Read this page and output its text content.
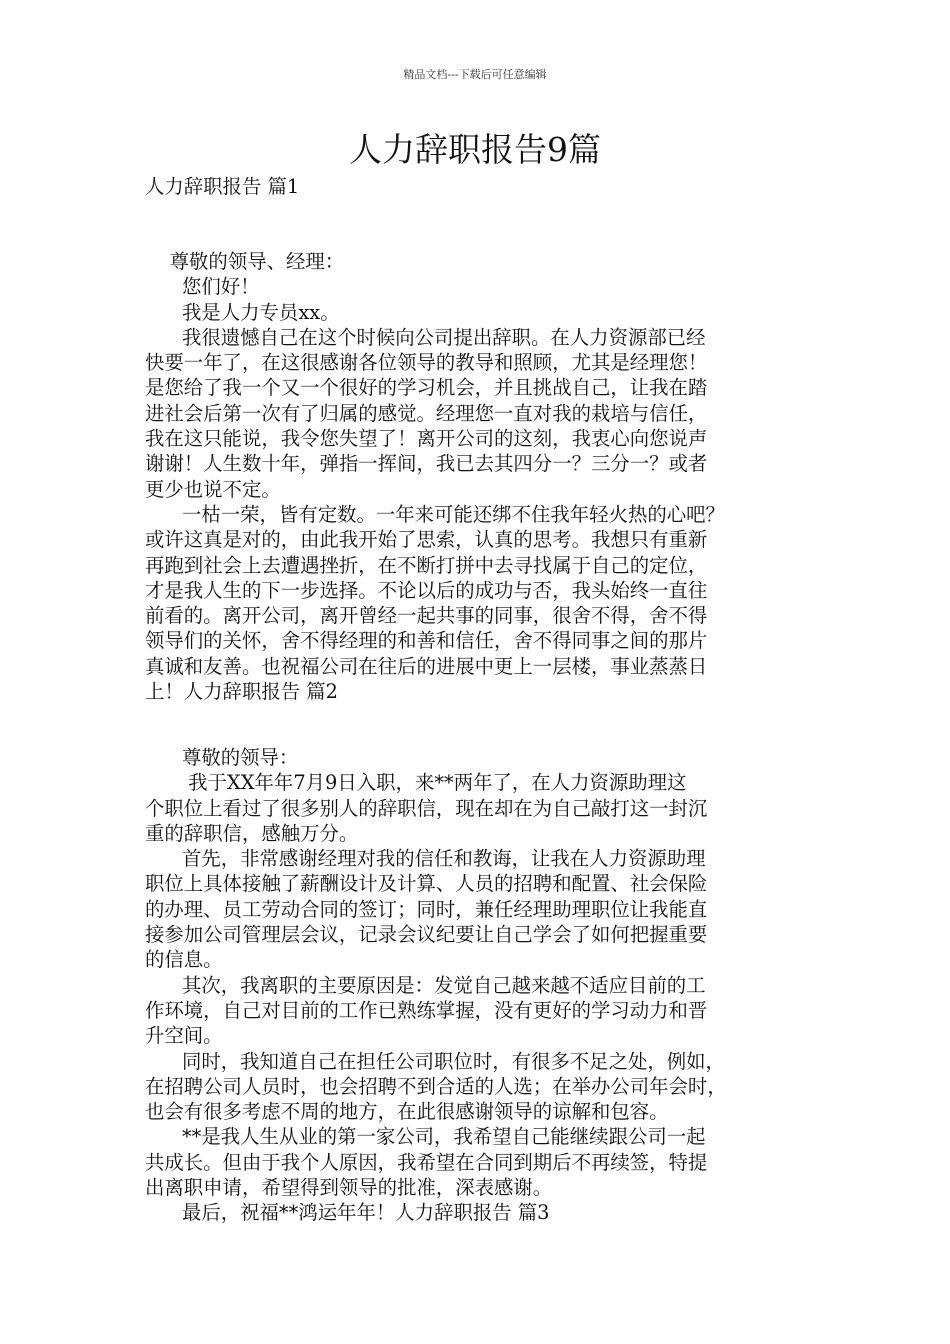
精品文档---下载后可任意编辑
人力辞职报告9篇
人力辞职报告 篇1
尊敬的领导、经理：
您们好！
我是人力专员xx。
我很遗憾自己在这个时候向公司提出辞职。在人力资源部已经
快要一年了，在这很感谢各位领导的教导和照顾，尤其是经理您！
是您给了我一个又一个很好的学习机会，并且挑战自己，让我在踏
进社会后第一次有了归属的感觉。经理您一直对我的栽培与信任，
我在这只能说，我令您失望了！离开公司的这刻，我衷心向您说声
谢谢！人生数十年，弹指一挥间，我已去其四分一？三分一？或者
更少也说不定。
一枯一荣，皆有定数。一年来可能还绑不住我年轻火热的心吧？
或许这真是对的，由此我开始了思索，认真的思考。我想只有重新
再跑到社会上去遭遇挫折，在不断打拼中去寻找属于自己的定位，
才是我人生的下一步选择。不论以后的成功与否，我头始终一直往
前看的。离开公司，离开曾经一起共事的同事，很舍不得，舍不得
领导们的关怀，舍不得经理的和善和信任，舍不得同事之间的那片
真诚和友善。也祝福公司在往后的进展中更上一层楼，事业蒸蒸日
上！人力辞职报告 篇2
尊敬的领导：
我于XX年年7月9日入职，来**两年了，在人力资源助理这
个职位上看过了很多别人的辞职信，现在却在为自己敲打这一封沉
重的辞职信，感触万分。
首先，非常感谢经理对我的信任和教诲，让我在人力资源助理
职位上具体接触了薪酬设计及计算、人员的招聘和配置、社会保险
的办理、员工劳动合同的签订；同时，兼任经理助理职位让我能直
接参加公司管理层会议，记录会议纪要让自己学会了如何把握重要
的信息。
其次，我离职的主要原因是：发觉自己越来越不适应目前的工
作环境，自己对目前的工作已熟练掌握，没有更好的学习动力和晋
升空间。
同时，我知道自己在担任公司职位时，有很多不足之处，例如，
在招聘公司人员时，也会招聘不到合适的人选；在举办公司年会时，
也会有很多考虑不周的地方，在此很感谢领导的谅解和包容。
**是我人生从业的第一家公司，我希望自己能继续跟公司一起
共成长。但由于我个人原因，我希望在合同到期后不再续签，特提
出离职申请，希望得到领导的批准，深表感谢。
最后，祝福**鸿运年年！人力辞职报告 篇3
